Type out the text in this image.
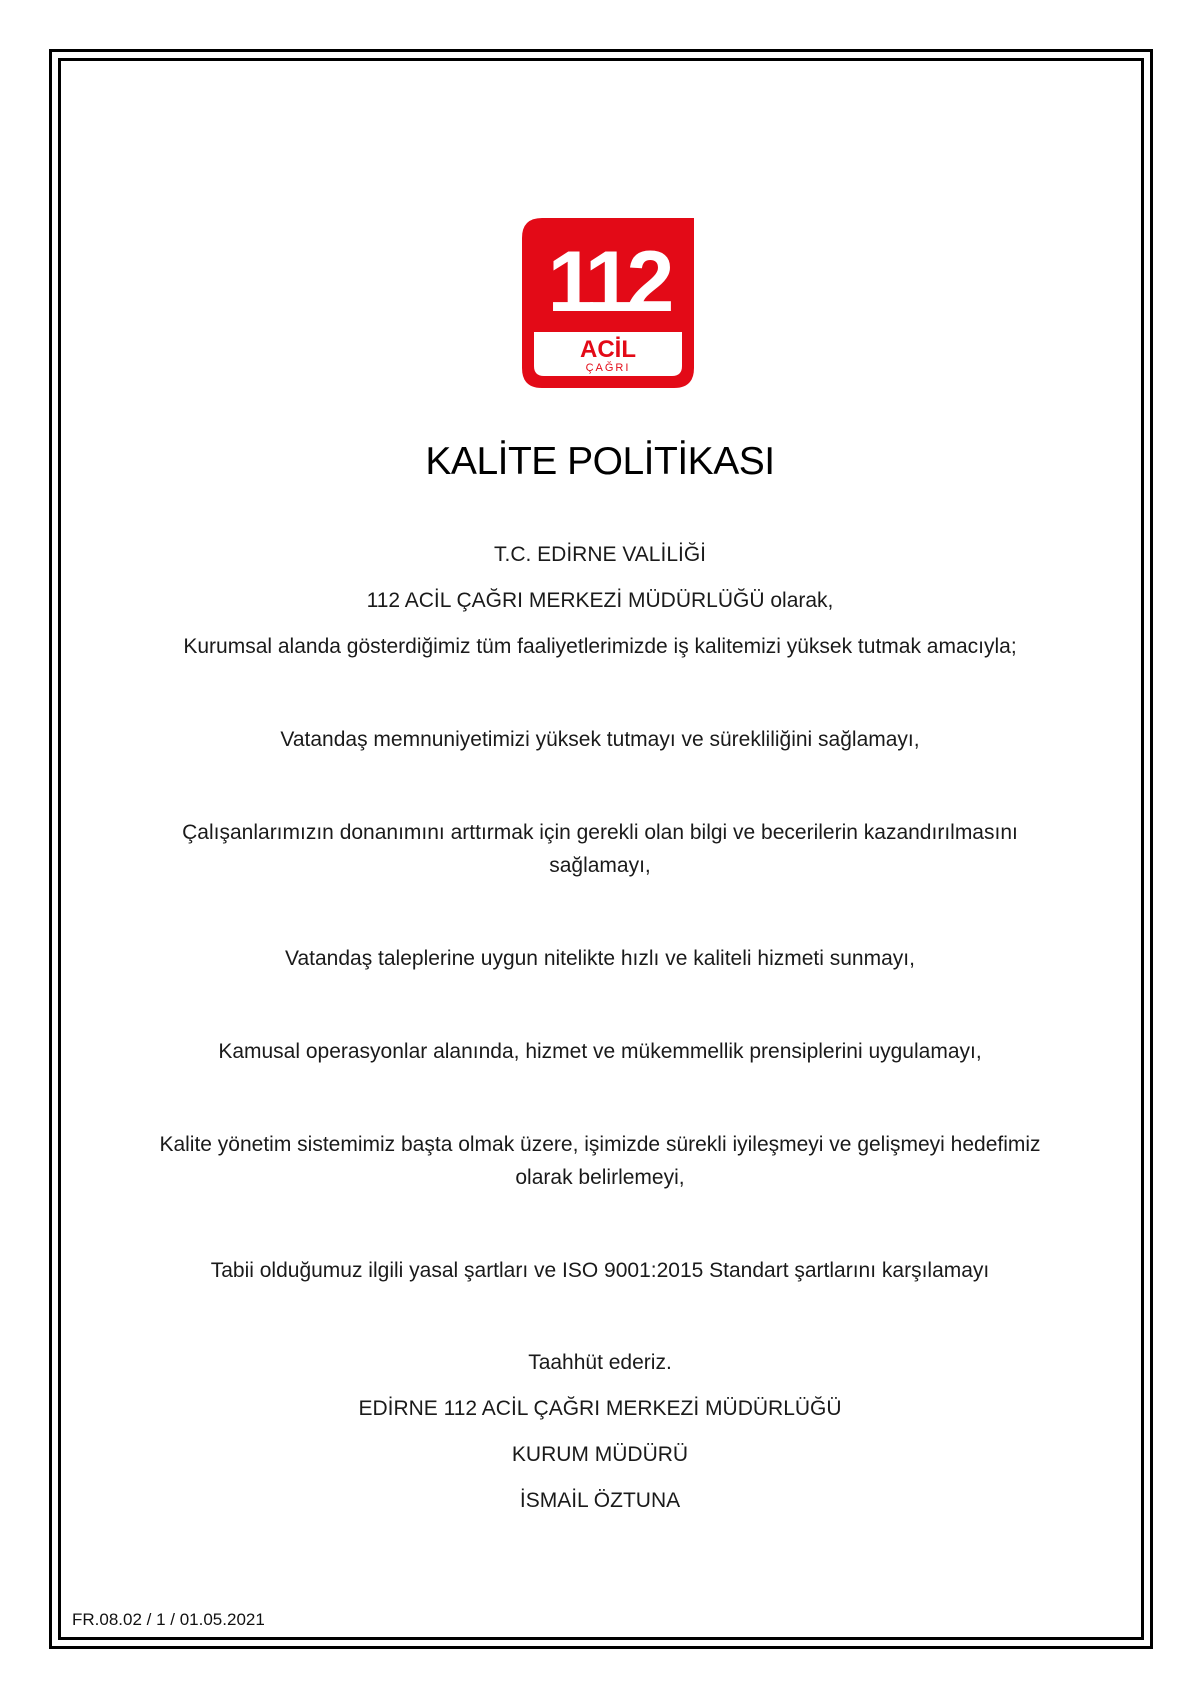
112
ACİL
ÇAĞRI
KALİTE POLİTİKASI
T.C. EDİRNE VALİLİĞİ
112 ACİL ÇAĞRI MERKEZİ MÜDÜRLÜĞÜ olarak,
Kurumsal alanda gösterdiğimiz tüm faaliyetlerimizde iş kalitemizi yüksek tutmak amacıyla;
Vatandaş memnuniyetimizi yüksek tutmayı ve sürekliliğini sağlamayı,
Çalışanlarımızın donanımını arttırmak için gerekli olan bilgi ve becerilerin kazandırılmasını
sağlamayı,
Vatandaş taleplerine uygun nitelikte hızlı ve kaliteli hizmeti sunmayı,
Kamusal operasyonlar alanında, hizmet ve mükemmellik prensiplerini uygulamayı,
Kalite yönetim sistemimiz başta olmak üzere, işimizde sürekli iyileşmeyi ve gelişmeyi hedefimiz
olarak belirlemeyi,
Tabii olduğumuz ilgili yasal şartları ve ISO 9001:2015 Standart şartlarını karşılamayı
Taahhüt ederiz.
EDİRNE 112 ACİL ÇAĞRI MERKEZİ MÜDÜRLÜĞÜ
KURUM MÜDÜRÜ
İSMAİL ÖZTUNA
FR.08.02 / 1 / 01.05.2021
